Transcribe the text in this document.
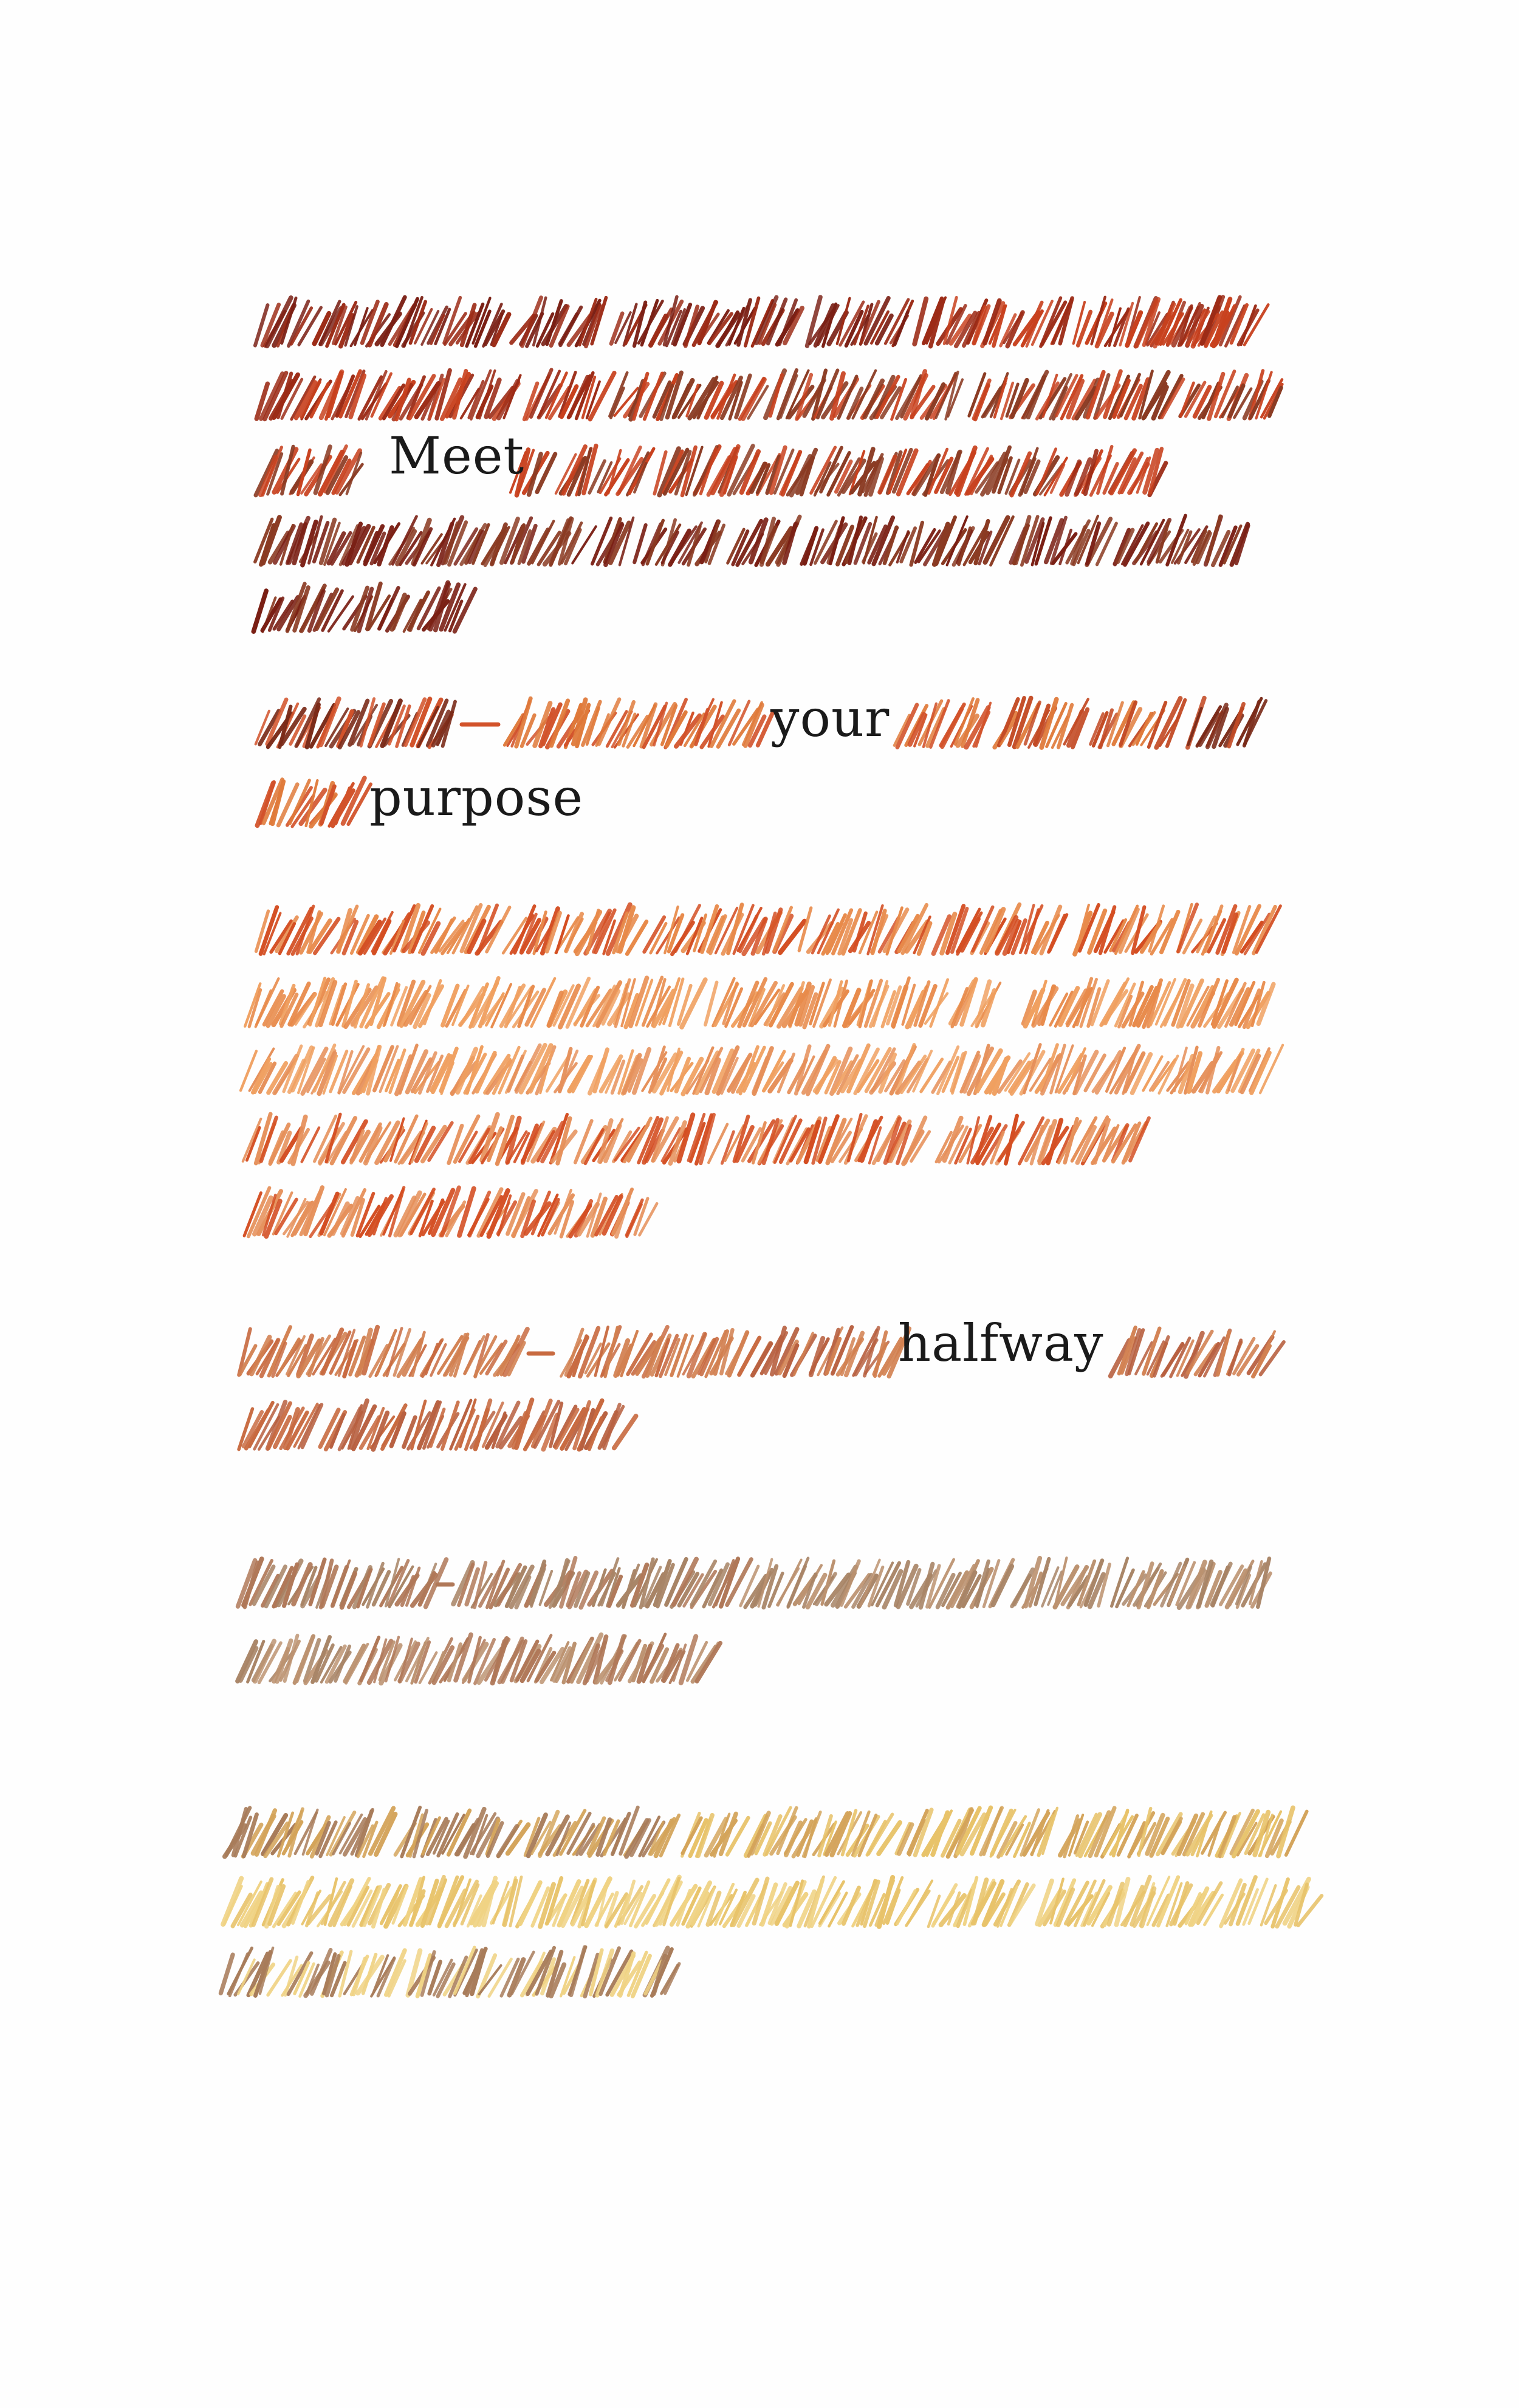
Meet
your
purpose
halfway
